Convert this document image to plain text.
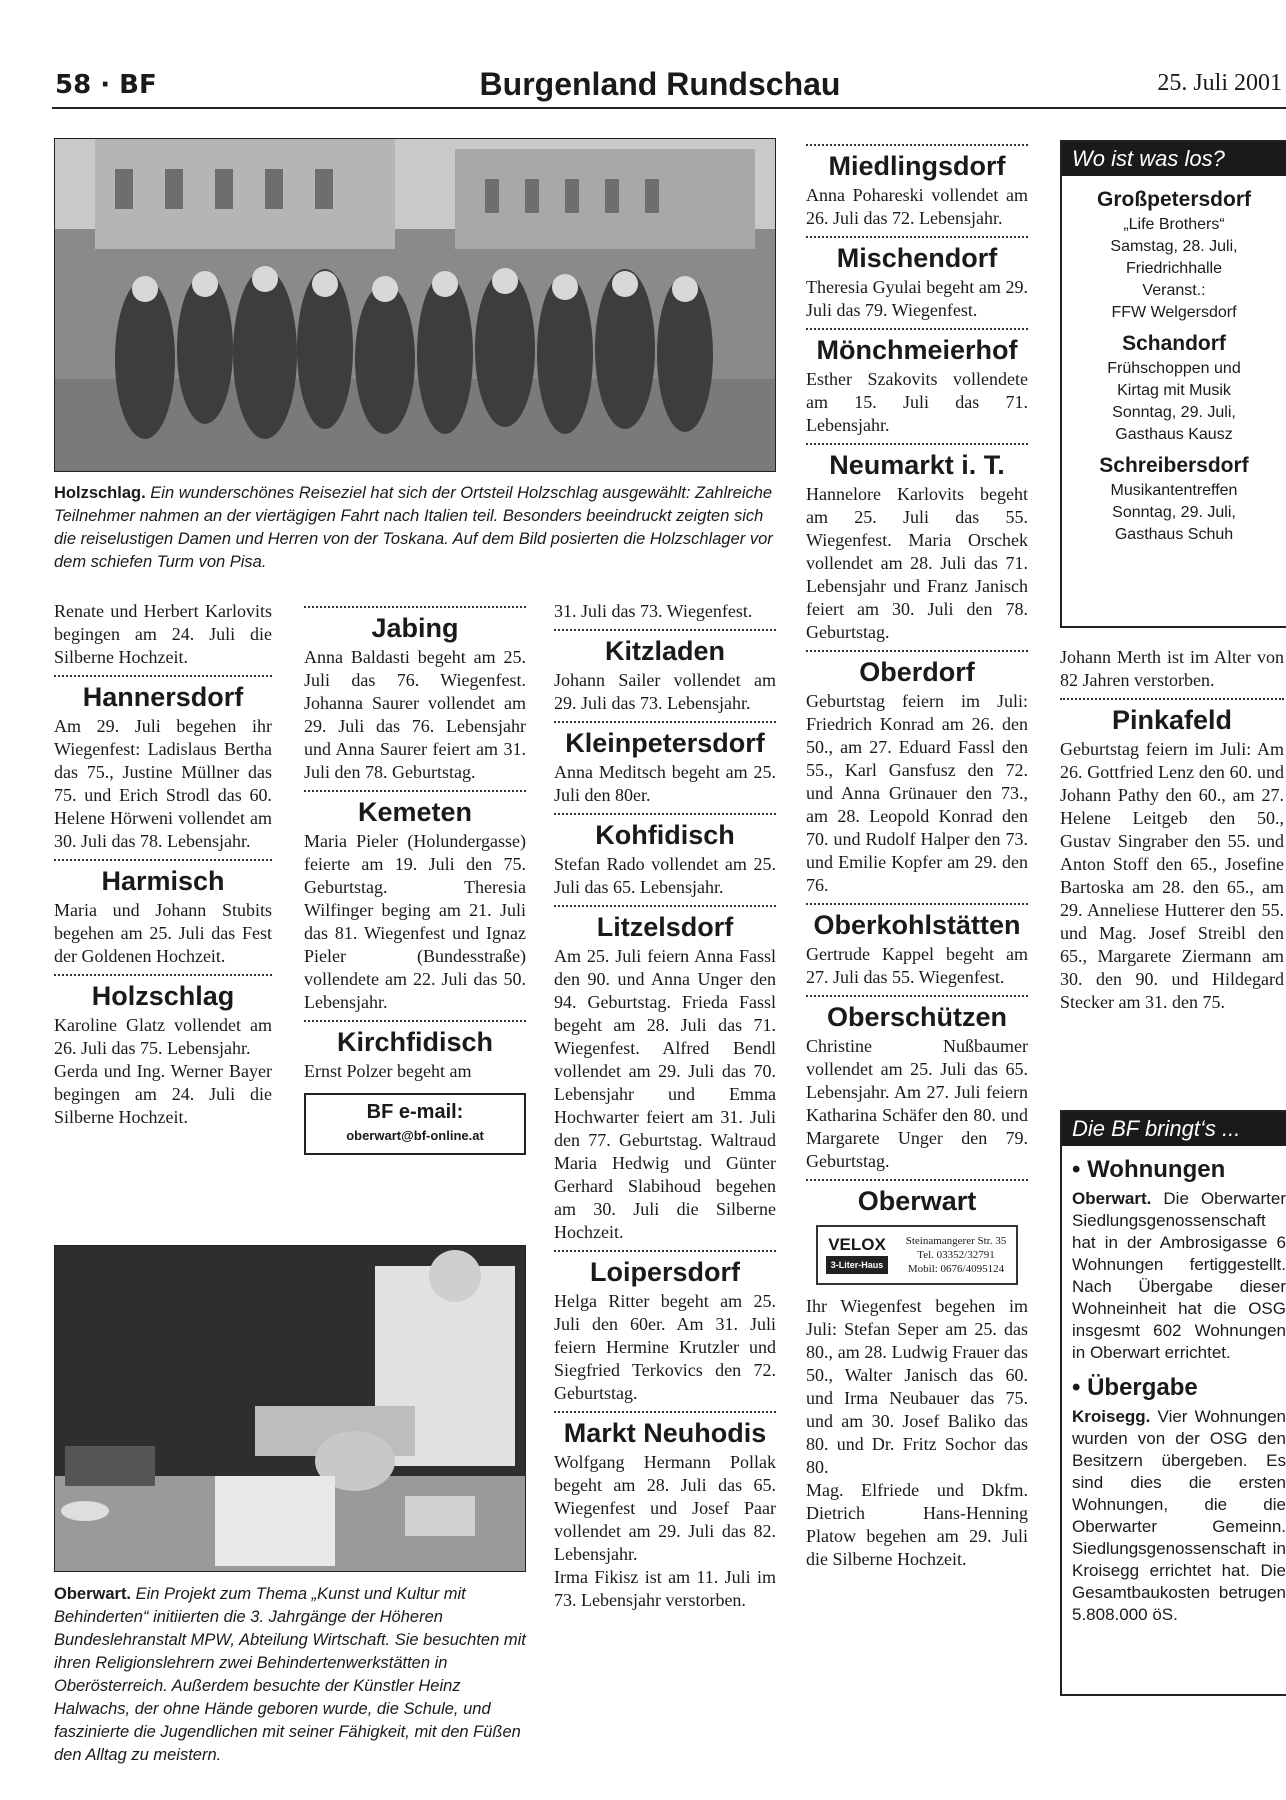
58 · BF	Burgenland Rundschau	25. Juli 2001
Holzschlag. Ein wunderschönes Reiseziel hat sich der Ortsteil Holzschlag ausgewählt: Zahlreiche Teilnehmer nahmen an der viertägigen Fahrt nach Italien teil. Besonders beeindruckt zeigten sich die reiselustigen Damen und Herren von der Toskana. Auf dem Bild posierten die Holzschlager vor dem schiefen Turm von Pisa.

Renate und Herbert Karlovits begingen am 24. Juli die Silberne Hochzeit.

Hannersdorf

Am 29. Juli begehen ihr Wiegenfest: Ladislaus Bertha das 75., Justine Müllner das 75. und Erich Strodl das 60. Helene Hörweni vollendet am 30. Juli das 78. Lebensjahr.

Harmisch

Maria und Johann Stubits begehen am 25. Juli das Fest der Goldenen Hochzeit.

Holzschlag

Karoline Glatz vollendet am 26. Juli das 75. Lebensjahr.

Gerda und Ing. Werner Bayer begingen am 24. Juli die Silberne Hochzeit.

Jabing

Anna Baldasti begeht am 25. Juli das 76. Wiegenfest. Johanna Saurer vollendet am 29. Juli das 76. Lebensjahr und Anna Saurer feiert am 31. Juli den 78. Geburtstag.

Kemeten

Maria Pieler (Holundergasse) feierte am 19. Juli den 75. Geburtstag. Theresia Wilfinger beging am 21. Juli das 81. Wiegenfest und Ignaz Pieler (Bundesstraße) vollendete am 22. Juli das 50. Lebensjahr.

Kirchfidisch

Ernst Polzer begeht am

BF e-mail:
oberwart@bf-online.at
Oberwart. Ein Projekt zum Thema „Kunst und Kultur mit Behinderten“ initiierten die 3. Jahrgänge der Höheren Bundeslehranstalt MPW, Abteilung Wirtschaft. Sie besuchten mit ihren Religionslehrern zwei Behindertenwerkstätten in Oberösterreich. Außerdem besuchte der Künstler Heinz Halwachs, der ohne Hände geboren wurde, die Schule, und faszinierte die Jugendlichen mit seiner Fähigkeit, mit den Füßen den Alltag zu meistern.

31. Juli das 73. Wiegenfest.

Kitzladen

Johann Sailer vollendet am 29. Juli das 73. Lebensjahr.

Kleinpetersdorf

Anna Meditsch begeht am 25. Juli den 80er.

Kohfidisch

Stefan Rado vollendet am 25. Juli das 65. Lebensjahr.

Litzelsdorf

Am 25. Juli feiern Anna Fassl den 90. und Anna Unger den 94. Geburtstag. Frieda Fassl begeht am 28. Juli das 71. Wiegenfest. Alfred Bendl vollendet am 29. Juli das 70. Lebensjahr und Emma Hochwarter feiert am 31. Juli den 77. Geburtstag. Waltraud Maria Hedwig und Günter Gerhard Slabihoud begehen am 30. Juli die Silberne Hochzeit.

Loipersdorf

Helga Ritter begeht am 25. Juli den 60er. Am 31. Juli feiern Hermine Krutzler und Siegfried Terkovics den 72. Geburtstag.

Markt Neuhodis

Wolfgang Hermann Pollak begeht am 28. Juli das 65. Wiegenfest und Josef Paar vollendet am 29. Juli das 82. Lebensjahr.

Irma Fikisz ist am 11. Juli im 73. Lebensjahr verstorben.

Miedlingsdorf

Anna Pohareski vollendet am 26. Juli das 72. Lebensjahr.

Mischendorf

Theresia Gyulai begeht am 29. Juli das 79. Wiegenfest.

Mönchmeierhof

Esther Szakovits vollendete am 15. Juli das 71. Lebensjahr.

Neumarkt i. T.

Hannelore Karlovits begeht am 25. Juli das 55. Wiegenfest. Maria Orschek vollendet am 28. Juli das 71. Lebensjahr und Franz Janisch feiert am 30. Juli den 78. Geburtstag.

Oberdorf

Geburtstag feiern im Juli: Friedrich Konrad am 26. den 50., am 27. Eduard Fassl den 55., Karl Gansfusz den 72. und Anna Grünauer den 73., am 28. Leopold Konrad den 70. und Rudolf Halper den 73. und Emilie Kopfer am 29. den 76.

Oberkohlstätten

Gertrude Kappel begeht am 27. Juli das 55. Wiegenfest.

Oberschützen

Christine Nußbaumer vollendet am 25. Juli das 65. Lebensjahr. Am 27. Juli feiern Katharina Schäfer den 80. und Margarete Unger den 79. Geburtstag.

Oberwart
VELOX
3-Liter-Haus
Steinamangerer Str. 35
Tel. 03352/32791
Mobil: 0676/4095124

Ihr Wiegenfest begehen im Juli: Stefan Seper am 25. das 80., am 28. Ludwig Frauer das 50., Walter Janisch das 60. und Irma Neubauer das 75. und am 30. Josef Baliko das 80. und Dr. Fritz Sochor das 80.

Mag. Elfriede und Dkfm. Dietrich Hans-Henning Platow begehen am 29. Juli die Silberne Hochzeit.

Wo ist was los?
Großpetersdorf
„Life Brothers“
Samstag, 28. Juli,
Friedrichhalle
Veranst.:
FFW Welgersdorf
Schandorf
Frühschoppen und
Kirtag mit Musik
Sonntag, 29. Juli,
Gasthaus Kausz
Schreibersdorf
Musikantentreffen
Sonntag, 29. Juli,
Gasthaus Schuh

Johann Merth ist im Alter von 82 Jahren verstorben.

Pinkafeld

Geburtstag feiern im Juli: Am 26. Gottfried Lenz den 60. und Johann Pathy den 60., am 27. Helene Leitgeb den 50., Gustav Singraber den 55. und Anton Stoff den 65., Josefine Bartoska am 28. den 65., am 29. Anneliese Hutterer den 55. und Mag. Josef Streibl den 65., Margarete Ziermann am 30. den 90. und Hildegard Stecker am 31. den 75.

Die BF bringt‘s ...
• Wohnungen

Oberwart. Die Oberwarter Siedlungsgenossenschaft hat in der Ambrosigasse 6 Wohnungen fertiggestellt. Nach Übergabe dieser Wohneinheit hat die OSG insgesmt 602 Wohnungen in Oberwart errichtet.

• Übergabe

Kroisegg. Vier Wohnungen wurden von der OSG den Besitzern übergeben. Es sind dies die ersten Wohnungen, die die Oberwarter Gemeinn. Siedlungsgenossenschaft in Kroisegg errichtet hat. Die Gesamtbaukosten betrugen 5.808.000 öS.
